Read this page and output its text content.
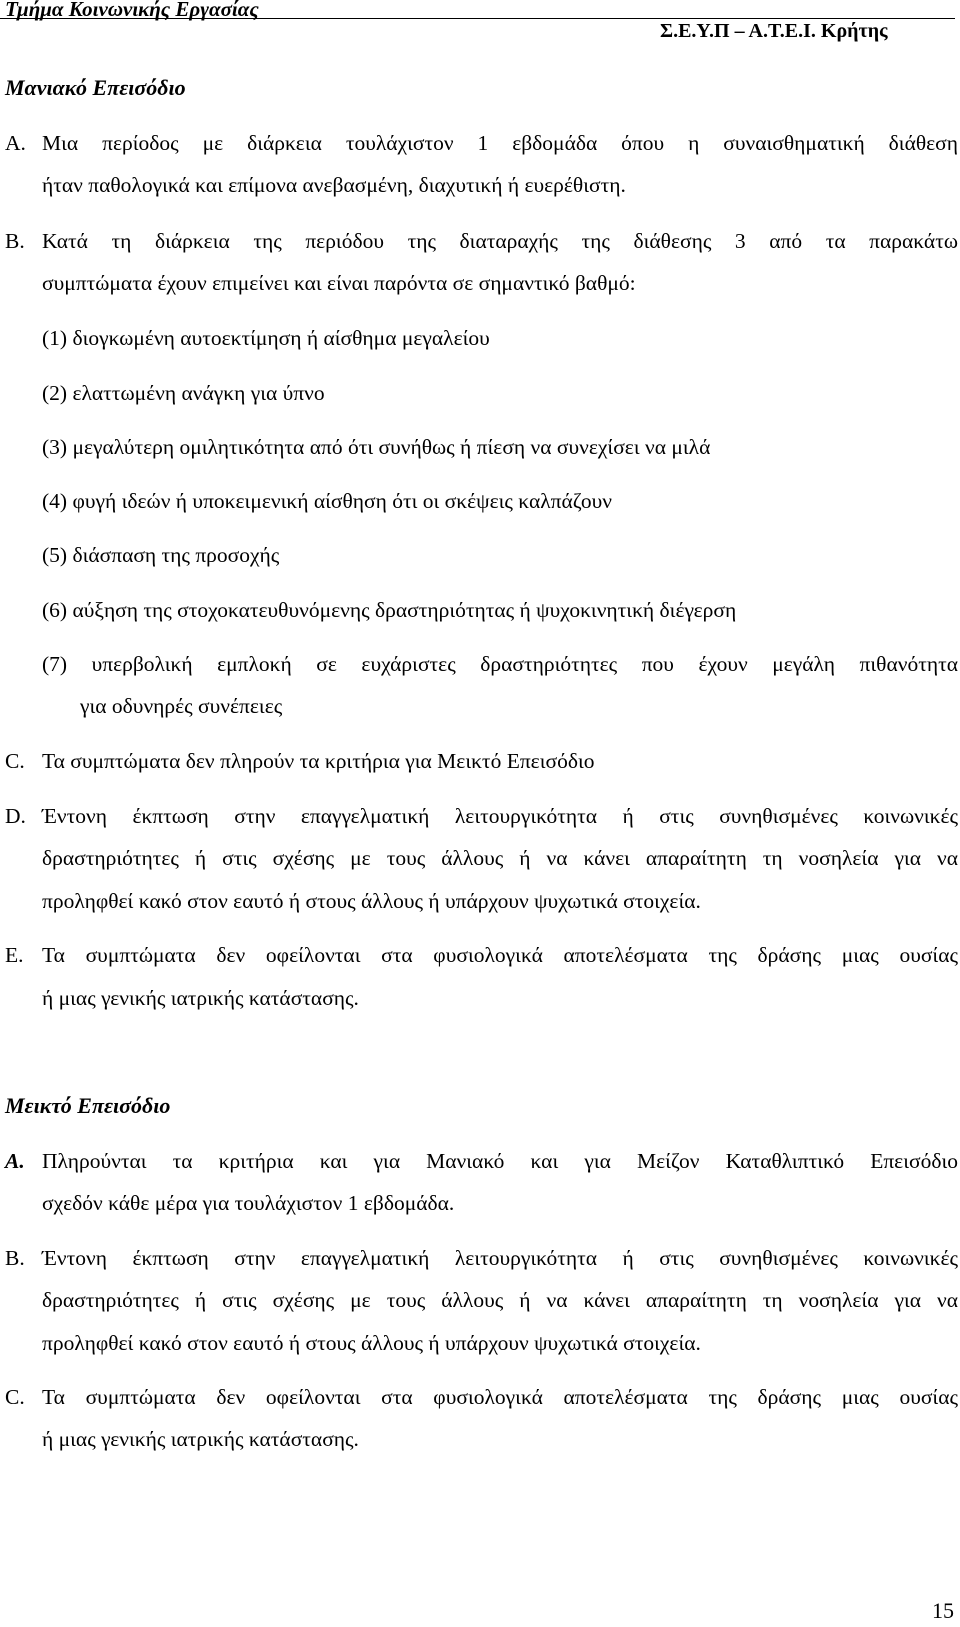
Τμήμα Κοινωνικής Εργασίας
Σ.Ε.Υ.Π – Α.Τ.Ε.Ι. Κρήτης
Μανιακό Επεισόδιο
Α. Μια περίοδος με διάρκεια τουλάχιστον 1 εβδομάδα όπου η συναισθηματική διάθεση
ήταν παθολογικά και επίμονα ανεβασμένη, διαχυτική ή ευερέθιστη.
Β. Κατά τη διάρκεια της περιόδου της διαταραχής της διάθεσης 3 από τα παρακάτω
συμπτώματα έχουν επιμείνει και είναι παρόντα σε σημαντικό βαθμό:
(1) διογκωμένη αυτοεκτίμηση ή αίσθημα μεγαλείου
(2) ελαττωμένη ανάγκη για ύπνο
(3) μεγαλύτερη ομιλητικότητα από ότι συνήθως ή πίεση να συνεχίσει να μιλά
(4) φυγή ιδεών ή υποκειμενική αίσθηση ότι οι σκέψεις καλπάζουν
(5) διάσπαση της προσοχής
(6) αύξηση της στοχοκατευθυνόμενης δραστηριότητας ή ψυχοκινητική διέγερση
(7) υπερβολική εμπλοκή σε ευχάριστες δραστηριότητες που έχουν μεγάλη πιθανότητα
για οδυνηρές συνέπειες
C. Τα συμπτώματα δεν πληρούν τα κριτήρια για Μεικτό Επεισόδιο
D. Έντονη έκπτωση στην επαγγελματική λειτουργικότητα ή στις συνηθισμένες κοινωνικές
δραστηριότητες ή στις σχέσης με τους άλλους ή να κάνει απαραίτητη τη νοσηλεία για να
προληφθεί κακό στον εαυτό ή στους άλλους ή υπάρχουν ψυχωτικά στοιχεία.
Ε. Τα συμπτώματα δεν οφείλονται στα φυσιολογικά αποτελέσματα της δράσης μιας ουσίας
ή μιας γενικής ιατρικής κατάστασης.
Μεικτό Επεισόδιο
Α. Πληρούνται τα κριτήρια και για Μανιακό και για Μείζον Καταθλιπτικό Επεισόδιο
σχεδόν κάθε μέρα για τουλάχιστον 1 εβδομάδα.
Β. Έντονη έκπτωση στην επαγγελματική λειτουργικότητα ή στις συνηθισμένες κοινωνικές
δραστηριότητες ή στις σχέσης με τους άλλους ή να κάνει απαραίτητη τη νοσηλεία για να
προληφθεί κακό στον εαυτό ή στους άλλους ή υπάρχουν ψυχωτικά στοιχεία.
C. Τα συμπτώματα δεν οφείλονται στα φυσιολογικά αποτελέσματα της δράσης μιας ουσίας
ή μιας γενικής ιατρικής κατάστασης.
15
